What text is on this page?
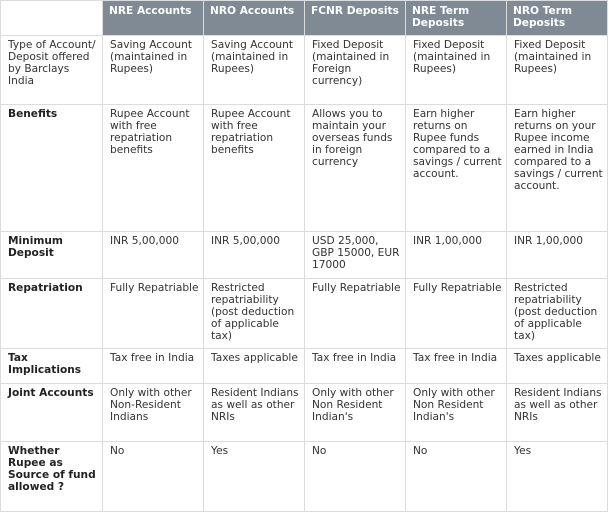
	NRE Accounts	NRO Accounts	FCNR Deposits	NRE Term Deposits	NRO Term Deposits
Type of Account/ Deposit offered by Barclays India	Saving Account (maintained in Rupees)	Saving Account (maintained in Rupees)	Fixed Deposit (maintained in Foreign currency)	Fixed Deposit (maintained in Rupees)	Fixed Deposit (maintained in Rupees)
Benefits	Rupee Account with free repatriation benefits	Rupee Account with free repatriation benefits	Allows you to maintain your overseas funds in foreign currency	Earn higher returns on Rupee funds compared to a savings / current account.	Earn higher returns on your Rupee income earned in India compared to a savings / current account.
Minimum Deposit	INR 5,00,000	INR 5,00,000	USD 25,000, GBP 15000, EUR 17000	INR 1,00,000	INR 1,00,000
Repatriation	Fully Repatriable	Restricted repatriability (post deduction of applicable tax)	Fully Repatriable	Fully Repatriable	Restricted repatriability (post deduction of applicable tax)
Tax Implications	Tax free in India	Taxes applicable	Tax free in India	Tax free in India	Taxes applicable
Joint Accounts	Only with other Non-Resident Indians	Resident Indians as well as other NRIs	Only with other Non Resident Indian's	Only with other Non Resident Indian's	Resident Indians as well as other NRIs
Whether Rupee as Source of fund allowed ?	No	Yes	No	No	Yes
